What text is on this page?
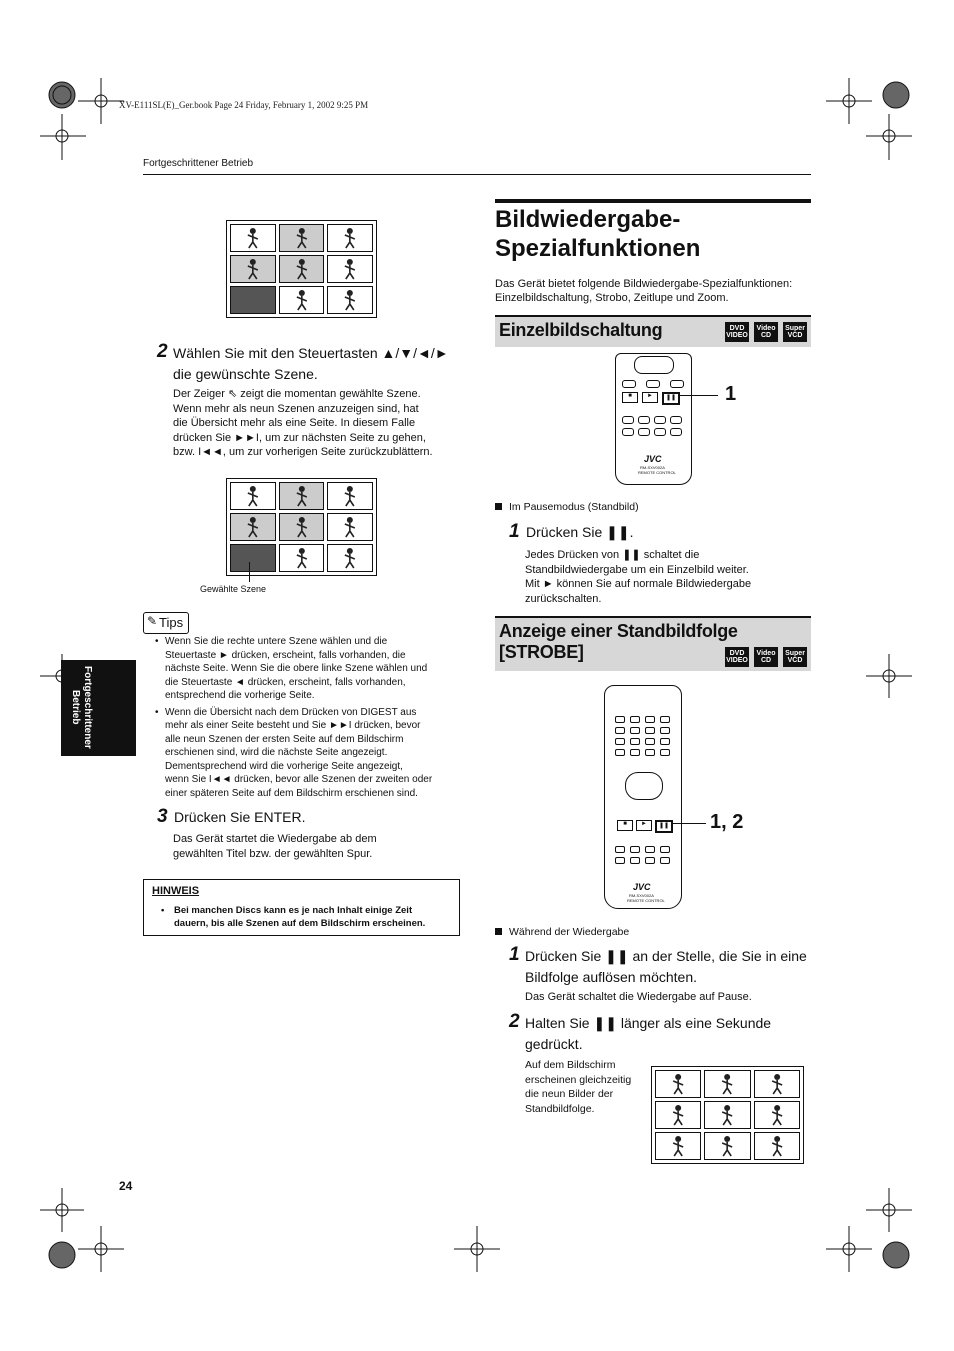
XV-E111SL(E)_Ger.book Page 24 Friday, February 1, 2002 9:25 PM
Fortgeschrittener Betrieb
Fortgeschrittener
Betrieb
2 Wählen Sie mit den Steuertasten ▲/▼/◄/►
die gewünschte Szene.
Der Zeiger ⇖ zeigt die momentan gewählte Szene.
Wenn mehr als neun Szenen anzuzeigen sind, hat
die Übersicht mehr als eine Seite. In diesem Falle
drücken Sie ►►I, um zur nächsten Seite zu gehen,
bzw. I◄◄, um zur vorherigen Seite zurückzublättern.
Gewählte Szene
✎ Tips
• Wenn Sie die rechte untere Szene wählen und die
Steuertaste ► drücken, erscheint, falls vorhanden, die
nächste Seite. Wenn Sie die obere linke Szene wählen und
die Steuertaste ◄ drücken, erscheint, falls vorhanden,
entsprechend die vorherige Seite.
• Wenn die Übersicht nach dem Drücken von DIGEST aus
mehr als einer Seite besteht und Sie ►►I drücken, bevor
alle neun Szenen der ersten Seite auf dem Bildschirm
erschienen sind, wird die nächste Seite angezeigt.
Dementsprechend wird die vorherige Seite angezeigt,
wenn Sie I◄◄ drücken, bevor alle Szenen der zweiten oder
einer späteren Seite auf dem Bildschirm erschienen sind.
3 Drücken Sie ENTER.
Das Gerät startet die Wiedergabe ab dem
gewählten Titel bzw. der gewählten Spur.
HINWEIS
•	Bei manchen Discs kann es je nach Inhalt einige Zeit
dauern, bis alle Szenen auf dem Bildschirm erscheinen.
24
Bildwiedergabe-
Spezialfunktionen
Das Gerät bietet folgende Bildwiedergabe-Spezialfunktionen: Einzelbildschaltung, Strobo, Zeitlupe und Zoom.
Einzelbildschaltung	DVD
VIDEO
Video
CD
Super
VCD
■	►	❚❚
JVC
RM-SXV002A
REMOTE CONTROL
1
Im Pausemodus (Standbild)
1 Drücken Sie ❚❚.
Jedes Drücken von ❚❚ schaltet die
Standbildwiedergabe um ein Einzelbild weiter.
Mit ► können Sie auf normale Bildwiedergabe
zurückschalten.
Anzeige einer Standbildfolge [STROBE]	DVD
VIDEO
Video
CD
Super
VCD
■	►	❚❚
JVC
RM-SXV002A
REMOTE CONTROL
1, 2
Während der Wiedergabe
1 Drücken Sie ❚❚ an der Stelle, die Sie in eine
Bildfolge auflösen möchten.
Das Gerät schaltet die Wiedergabe auf Pause.
2 Halten Sie ❚❚ länger als eine Sekunde
gedrückt.
Auf dem Bildschirm
erscheinen gleichzeitig
die neun Bilder der
Standbildfolge.
